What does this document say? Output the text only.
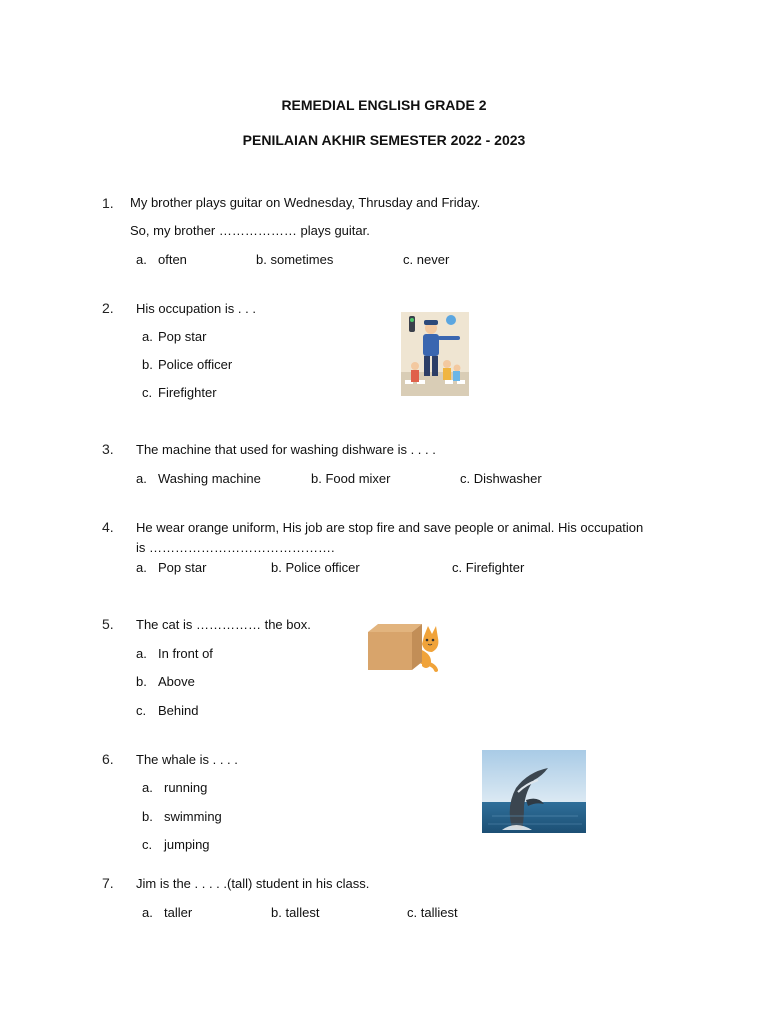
REMEDIAL ENGLISH GRADE 2
PENILAIAN AKHIR SEMESTER 2022 - 2023
1. My brother plays guitar on Wednesday, Thrusday and Friday.
So, my brother ……………… plays guitar.
a. often	b. sometimes	c. never
2. His occupation is . . .
a. Pop star
b. Police officer
c. Firefighter
3. The machine that used for washing dishware is . . . .
a. Washing machine	b. Food mixer	c. Dishwasher
4. He wear orange uniform, His job are stop fire and save people or animal. His occupation
is …………………………………….
a. Pop star	b. Police officer	c. Firefighter
5. The cat is …………… the box.
a. In front of
b. Above
c. Behind
6. The whale is . . . .
a. running
b. swimming
c. jumping
7. Jim is the . . . . .(tall) student in his class.
a. taller	b. tallest	c. talliest
